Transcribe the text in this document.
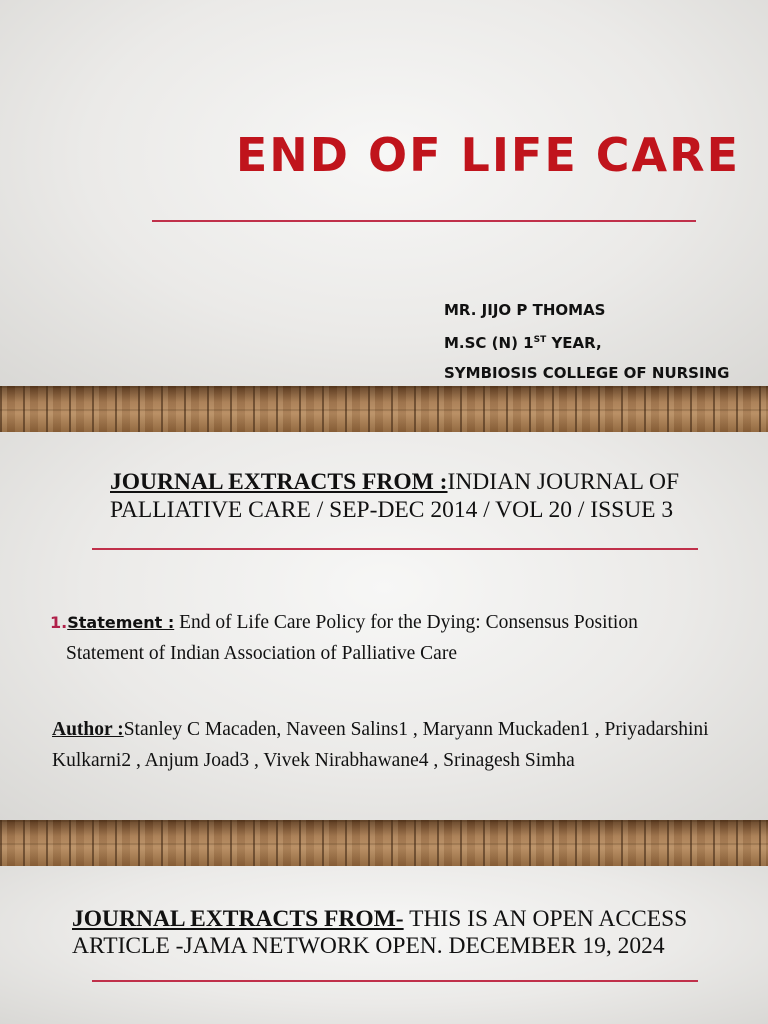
END OF LIFE CARE
MR. JIJO P THOMAS
M.SC (N) 1ST YEAR,
SYMBIOSIS COLLEGE OF NURSING
JOURNAL EXTRACTS FROM :INDIAN JOURNAL OF PALLIATIVE CARE / SEP-DEC 2014 / VOL 20 / ISSUE 3
1.Statement : End of Life Care Policy for the Dying: Consensus Position
Statement of Indian Association of Palliative Care
Author :Stanley C Macaden, Naveen Salins1 , Maryann Muckaden1 , Priyadarshini Kulkarni2 , Anjum Joad3 , Vivek Nirabhawane4 , Srinagesh Simha
JOURNAL EXTRACTS FROM- THIS IS AN OPEN ACCESS ARTICLE -JAMA NETWORK OPEN. DECEMBER 19, 2024
